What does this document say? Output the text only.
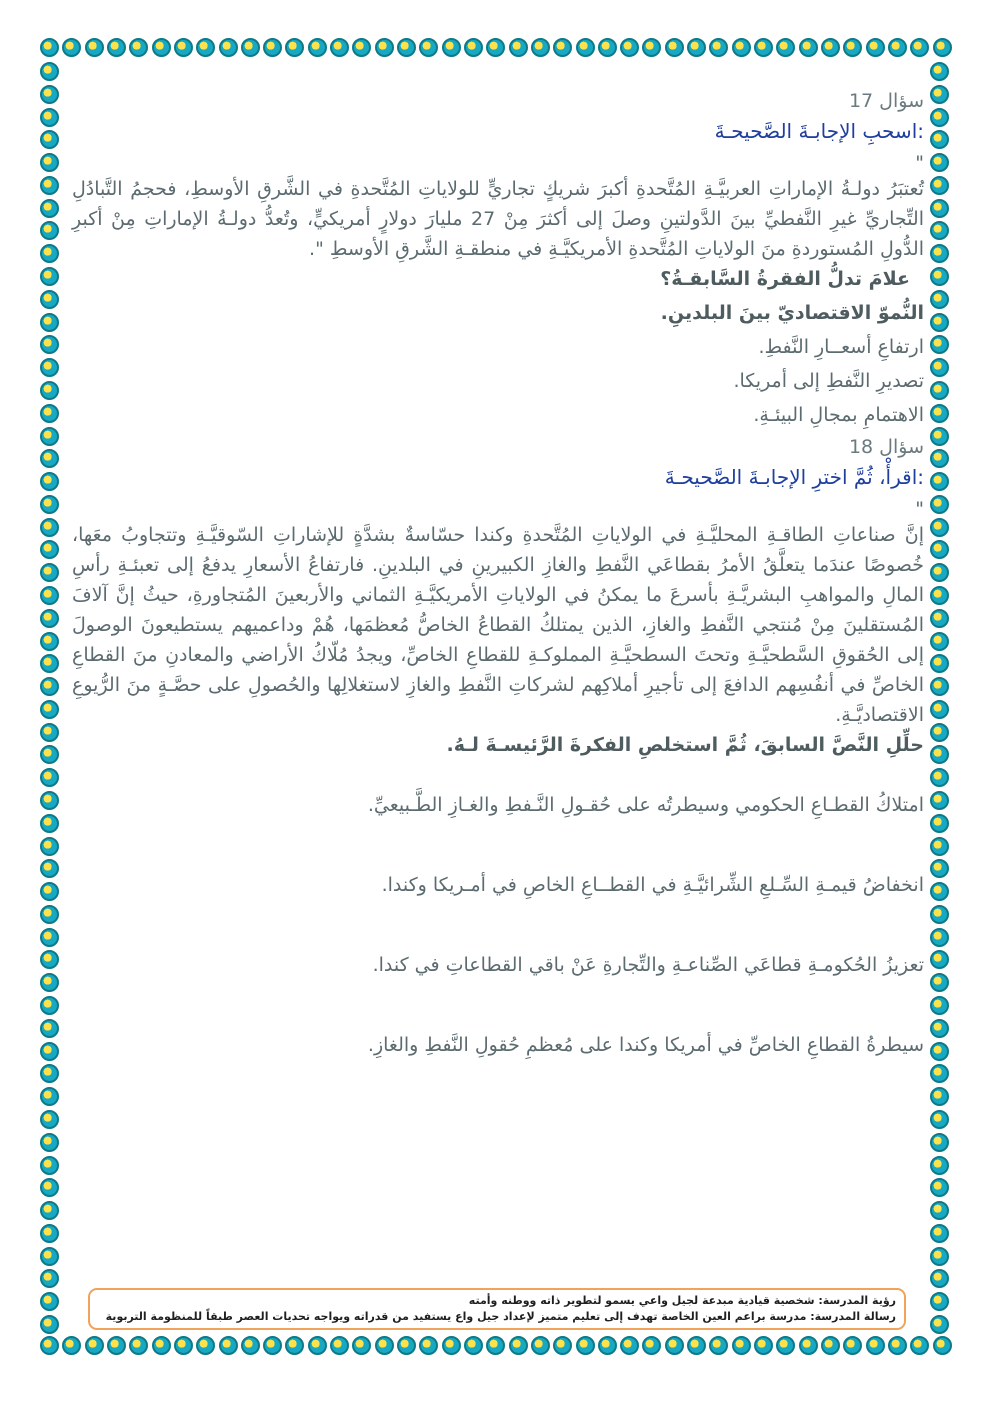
سؤال 17
:اسحبِ الإجابـةَ الصَّحيحـةَ
"
تُعتبَرُ دولـةُ الإماراتِ العربيَّـةِ المُتَّحدةِ أكبرَ شريكٍ تجاريٍّ للولاياتِ المُتَّحدةِ في الشَّرقِ الأوسطِ، فحجمُ التَّبادُلِ التِّجاريِّ غيرِ النَّفطيِّ بينَ الدَّولتينِ وصلَ إلى أكثرَ مِنْ 27 مليارَ دولارٍ أمريكيٍّ، وتُعدُّ دولـةُ الإماراتِ مِنْ أكبرِ الدُّولِ المُستوردةِ منَ الولاياتِ المُتَّحدةِ الأمريكيَّـةِ في منطقـةِ الشَّرقِ الأوسطِ ".
علامَ تدلُّ الفقرةُ السَّابقـةُ؟
النُّموّ الاقتصاديّ بينَ البلدينِ.
ارتفاعِ أسعــارِ النَّفطِ.
تصديرِ النَّفطِ إلى أمريكا.
الاهتمامِ بمجالِ البيئـةِ.
سؤال 18
:اقرأْ، ثُمَّ اخترِ الإجابـةَ الصَّحيحـةَ
"
إنَّ صناعاتِ الطاقـةِ المحليَّـةِ في الولاياتِ المُتَّحدةِ وكندا حسّاسةٌ بشدَّةٍ للإشاراتِ السّوقيَّـةِ وتتجاوبُ معَها، خُصوصًا عندَما يتعلَّقُ الأمرُ بقطاعَي النَّفطِ والغازِ الكبيرينِ في البلدينِ. فارتفاعُ الأسعارِ يدفعُ إلى تعبئـةِ رأسِ المالِ والمواهبِ البشريَّـةِ بأسرعَ ما يمكنُ في الولاياتِ الأمريكيَّـةِ الثماني والأربعينَ المُتجاورةِ، حيثُ إنَّ آلافَ المُستقلينَ مِنْ مُنتجي النَّفطِ والغازِ، الذين يمتلكُ القطاعُ الخاصُّ مُعظمَها، هُمْ وداعميهم يستطيعونَ الوصولَ إلى الحُقوقِ السَّطحيَّـةِ وتحتَ السطحيَّـةِ المملوكـةِ للقطاعِ الخاصِّ، ويجدُ مُلّاكُ الأراضي والمعادنِ منَ القطاعِ الخاصِّ في أنفُسِهم الدافعَ إلى تأجيرِ أملاكِهم لشركاتِ النَّفطِ والغازِ لاستغلالِها والحُصولِ على حصَّـةٍ منَ الرُّيوعِ الاقتصاديَّـةِ.
حلِّلِ النَّصَّ السابقَ، ثُمَّ استخلصِ الفكرةَ الرَّئيسـةَ لـهُ.
امتلاكُ القطـاعِ الحكومي وسيطرتُه على حُقـولِ النَّـفطِ والغـازِ الطَّـبيعيِّ.
انخفاضُ قيمـةِ السِّـلعِ الشِّرائيَّـةِ في القطــاعِ الخاصِ في أمـريكا وكندا.
تعزيزُ الحُكومـةِ قطاعَي الصِّناعـةِ والتِّجارةِ عَنْ باقي القطاعاتِ في كندا.
سيطرةُ القطاعِ الخاصِّ في أمريكا وكندا على مُعظمِ حُقولِ النَّفطِ والغازِ.
رؤية المدرسة: شخصية قيادية مبدعة لجيل واعي يسمو لتطوير ذاته ووطنه وأمته
رسالة المدرسة: مدرسة براعم العين الخاصة تهدف إلى تعليم متميز لإعداد جيل واع يستفيد من قدراته ويواجه تحديات العصر طبقاً للمنظومة التربوية
